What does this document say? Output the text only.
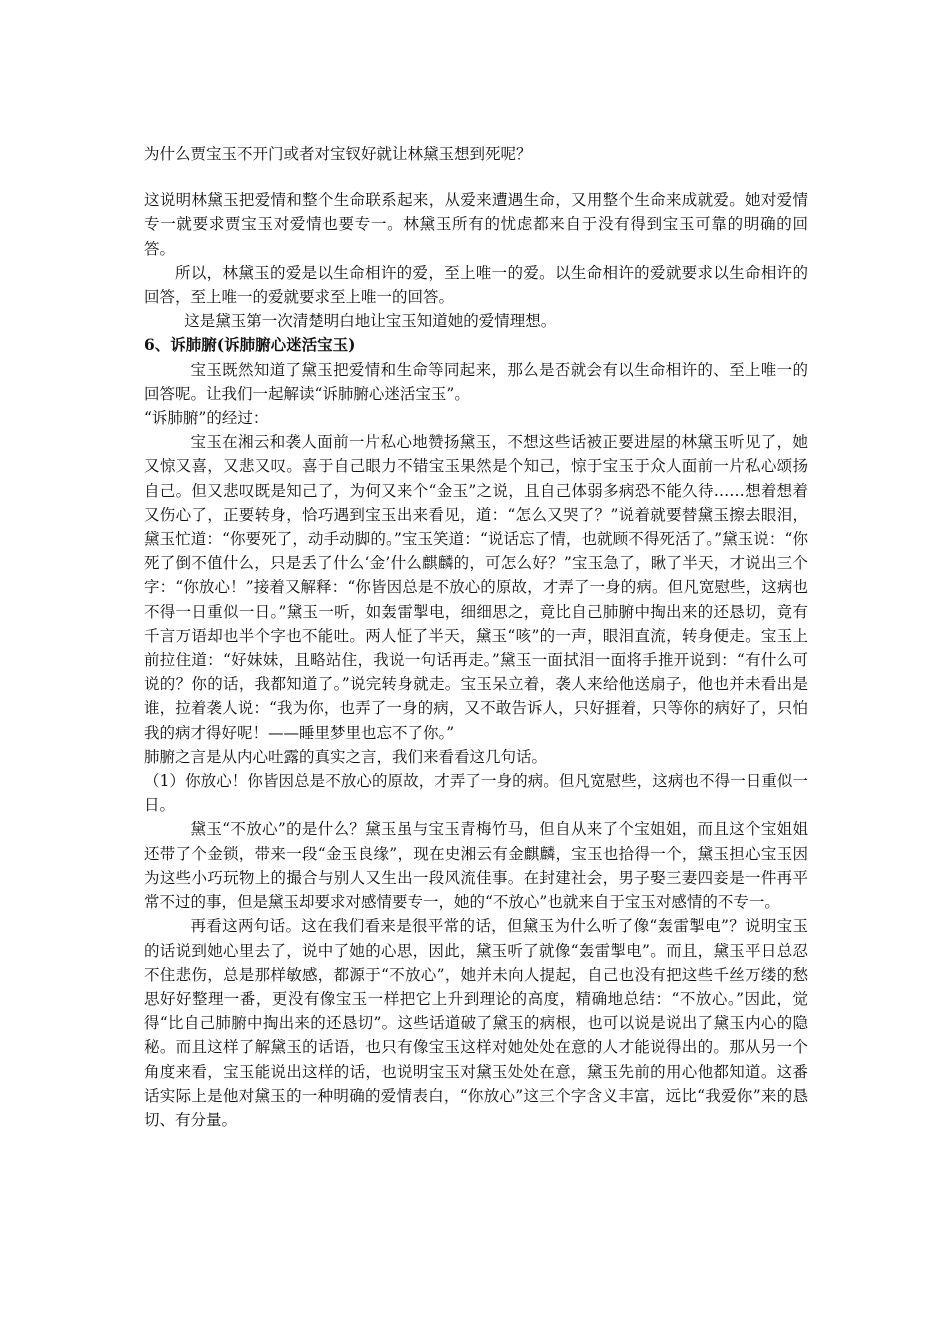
为什么贾宝玉不开门或者对宝钗好就让林黛玉想到死呢？

这说明林黛玉把爱情和整个生命联系起来，从爱来遭遇生命，又用整个生命来成就爱。她对爱情专一就要求贾宝玉对爱情也要专一。林黛玉所有的忧虑都来自于没有得到宝玉可靠的明确的回答。

所以，林黛玉的爱是以生命相许的爱，至上唯一的爱。以生命相许的爱就要求以生命相许的回答，至上唯一的爱就要求至上唯一的回答。

这是黛玉第一次清楚明白地让宝玉知道她的爱情理想。

6、诉肺腑(诉肺腑心迷活宝玉)

宝玉既然知道了黛玉把爱情和生命等同起来，那么是否就会有以生命相许的、至上唯一的回答呢。让我们一起解读“诉肺腑心迷活宝玉”。

“诉肺腑”的经过：

宝玉在湘云和袭人面前一片私心地赞扬黛玉，不想这些话被正要进屋的林黛玉听见了，她又惊又喜，又悲又叹。喜于自己眼力不错宝玉果然是个知己，惊于宝玉于众人面前一片私心颂扬自己。但又悲叹既是知己了，为何又来个“金玉”之说，且自己体弱多病恐不能久待……想着想着又伤心了，正要转身，恰巧遇到宝玉出来看见，道：“怎么又哭了？”说着就要替黛玉擦去眼泪，黛玉忙道：“你要死了，动手动脚的。”宝玉笑道：“说话忘了情，也就顾不得死活了。”黛玉说：“你死了倒不值什么，只是丢了什么‘金’什么麒麟的，可怎么好？”宝玉急了，瞅了半天，才说出三个字：“你放心！”接着又解释：“你皆因总是不放心的原故，才弄了一身的病。但凡宽慰些，这病也不得一日重似一日。”黛玉一听，如轰雷掣电，细细思之，竟比自己肺腑中掏出来的还恳切，竟有千言万语却也半个字也不能吐。两人怔了半天，黛玉“咳”的一声，眼泪直流，转身便走。宝玉上前拉住道：“好妹妹，且略站住，我说一句话再走。”黛玉一面拭泪一面将手推开说到：“有什么可说的？你的话，我都知道了。”说完转身就走。宝玉呆立着，袭人来给他送扇子，他也并未看出是谁，拉着袭人说：“我为你，也弄了一身的病，又不敢告诉人，只好捱着，只等你的病好了，只怕我的病才得好呢！——睡里梦里也忘不了你。”

肺腑之言是从内心吐露的真实之言，我们来看看这几句话。

（1）你放心！你皆因总是不放心的原故，才弄了一身的病。但凡宽慰些，这病也不得一日重似一日。

黛玉“不放心”的是什么？黛玉虽与宝玉青梅竹马，但自从来了个宝姐姐，而且这个宝姐姐还带了个金锁，带来一段“金玉良缘”，现在史湘云有金麒麟，宝玉也拾得一个，黛玉担心宝玉因为这些小巧玩物上的撮合与别人又生出一段风流佳事。在封建社会，男子娶三妻四妾是一件再平常不过的事，但是黛玉却要求对感情要专一，她的“不放心”也就来自于宝玉对感情的不专一。

再看这两句话。这在我们看来是很平常的话，但黛玉为什么听了像“轰雷掣电”？说明宝玉的话说到她心里去了，说中了她的心思，因此，黛玉听了就像“轰雷掣电”。而且，黛玉平日总忍不住悲伤，总是那样敏感，都源于“不放心”，她并未向人提起，自己也没有把这些千丝万缕的愁思好好整理一番，更没有像宝玉一样把它上升到理论的高度，精确地总结：“不放心。”因此，觉得“比自己肺腑中掏出来的还恳切”。这些话道破了黛玉的病根，也可以说是说出了黛玉内心的隐秘。而且这样了解黛玉的话语，也只有像宝玉这样对她处处在意的人才能说得出的。那从另一个角度来看，宝玉能说出这样的话，也说明宝玉对黛玉处处在意，黛玉先前的用心他都知道。这番话实际上是他对黛玉的一种明确的爱情表白，“你放心”这三个字含义丰富，远比“我爱你”来的恳切、有分量。
